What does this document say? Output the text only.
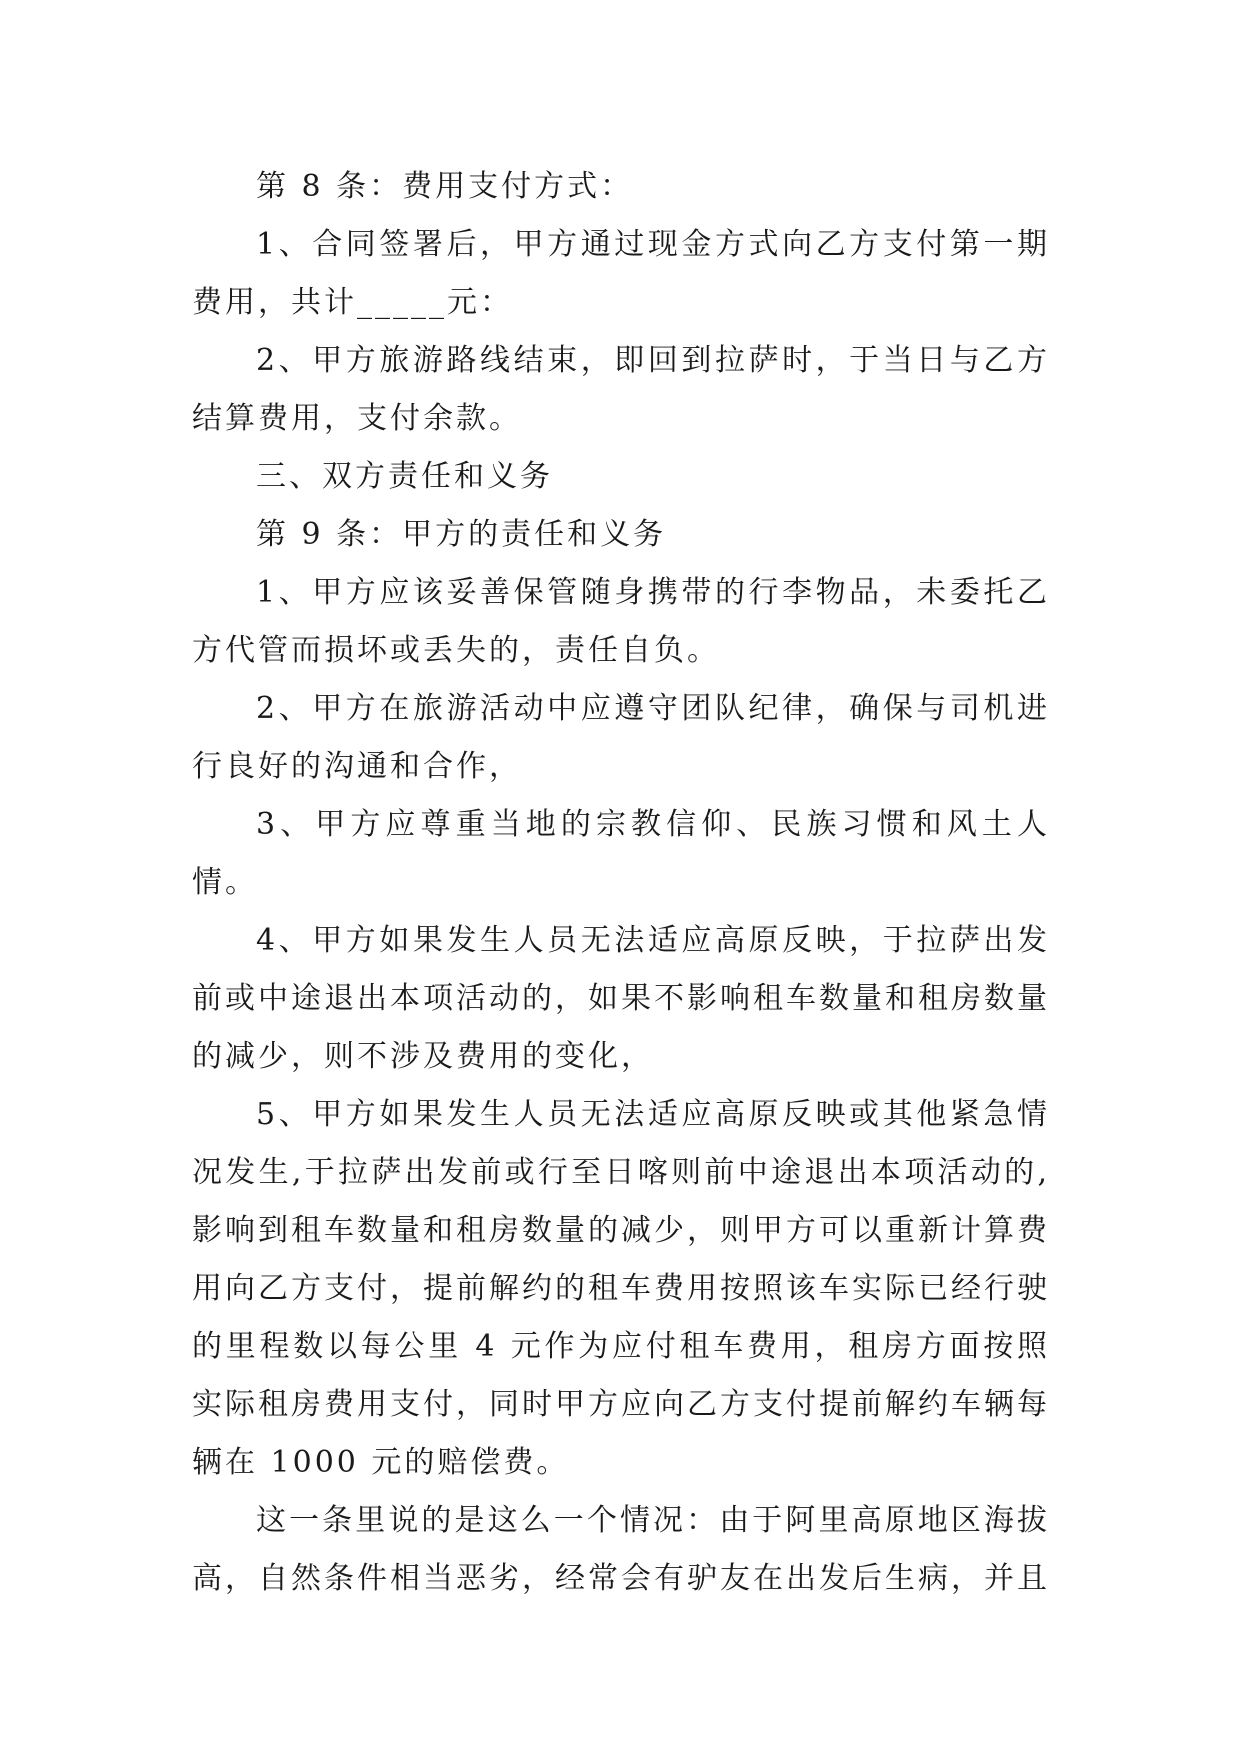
第 8 条：费用支付方式：

1、合同签署后，甲方通过现金方式向乙方支付第一期费用，共计_____元：

2、甲方旅游路线结束，即回到拉萨时，于当日与乙方结算费用，支付余款。

三、双方责任和义务

第 9 条：甲方的责任和义务

1、甲方应该妥善保管随身携带的行李物品，未委托乙方代管而损坏或丢失的，责任自负。

2、甲方在旅游活动中应遵守团队纪律，确保与司机进行良好的沟通和合作，

3、甲方应尊重当地的宗教信仰、民族习惯和风土人情。

4、甲方如果发生人员无法适应高原反映，于拉萨出发前或中途退出本项活动的，如果不影响租车数量和租房数量的减少，则不涉及费用的变化，

5、甲方如果发生人员无法适应高原反映或其他紧急情况发生,于拉萨出发前或行至日喀则前中途退出本项活动的,影响到租车数量和租房数量的减少，则甲方可以重新计算费用向乙方支付，提前解约的租车费用按照该车实际已经行驶的里程数以每公里 4 元作为应付租车费用，租房方面按照实际租房费用支付，同时甲方应向乙方支付提前解约车辆每辆在 1000 元的赔偿费。

这一条里说的是这么一个情况：由于阿里高原地区海拔高，自然条件相当恶劣，经常会有驴友在出发后生病，并且
